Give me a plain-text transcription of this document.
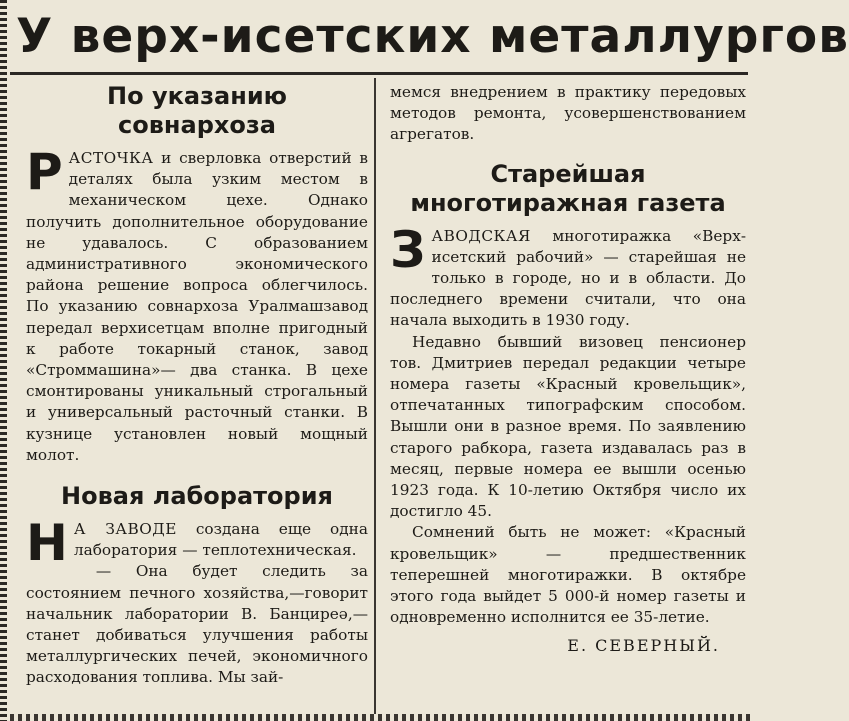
У верх-исетских металлургов
По указанию
совнархоза

РАСТОЧКА и сверловка отверстий в деталях была узким местом в механическом цехе. Однако получить дополнительное оборудование не удавалось. С образованием административного экономического района решение вопроса облегчилось. По указанию совнархоза Уралмашзавод передал верхисетцам вполне пригодный к работе токарный станок, завод «Строммашина»— два станка. В цехе смонтированы уникальный строгальный и универсальный расточный станки. В кузнице установлен новый мощный молот.

Новая лаборатория

НА ЗАВОДЕ создана еще одна лаборатория — теплотехническая.

— Она будет следить за состоянием печного хозяйства,—говорит начальник лаборатории В. Банциреə,— станет добиваться улучшения работы металлургических печей, экономичного расходования топлива. Мы зай-

мемся внедрением в практику передовых методов ремонта, усовершенствованием агрегатов.

Старейшая
многотиражная газета

ЗАВОДСКАЯ многотиражка «Верх-исетский рабочий» — старейшая не только в городе, но и в области. До последнего времени считали, что она начала выходить в 1930 году.

Недавно бывший визовец пенсионер тов. Дмитриев передал редакции четыре номера газеты «Красный кровельщик», отпечатанных типографским способом. Вышли они в разное время. По заявлению старого рабкора, газета издавалась раз в месяц, первые номера ее вышли осенью 1923 года. К 10-летию Октября число их достигло 45.

Сомнений быть не может: «Красный кровельщик» — предшественник теперешней многотиражки. В октябре этого года выйдет 5 000-й номер газеты и одновременно исполнится ее 35-летие.

Е. СЕВЕРНЫЙ.
